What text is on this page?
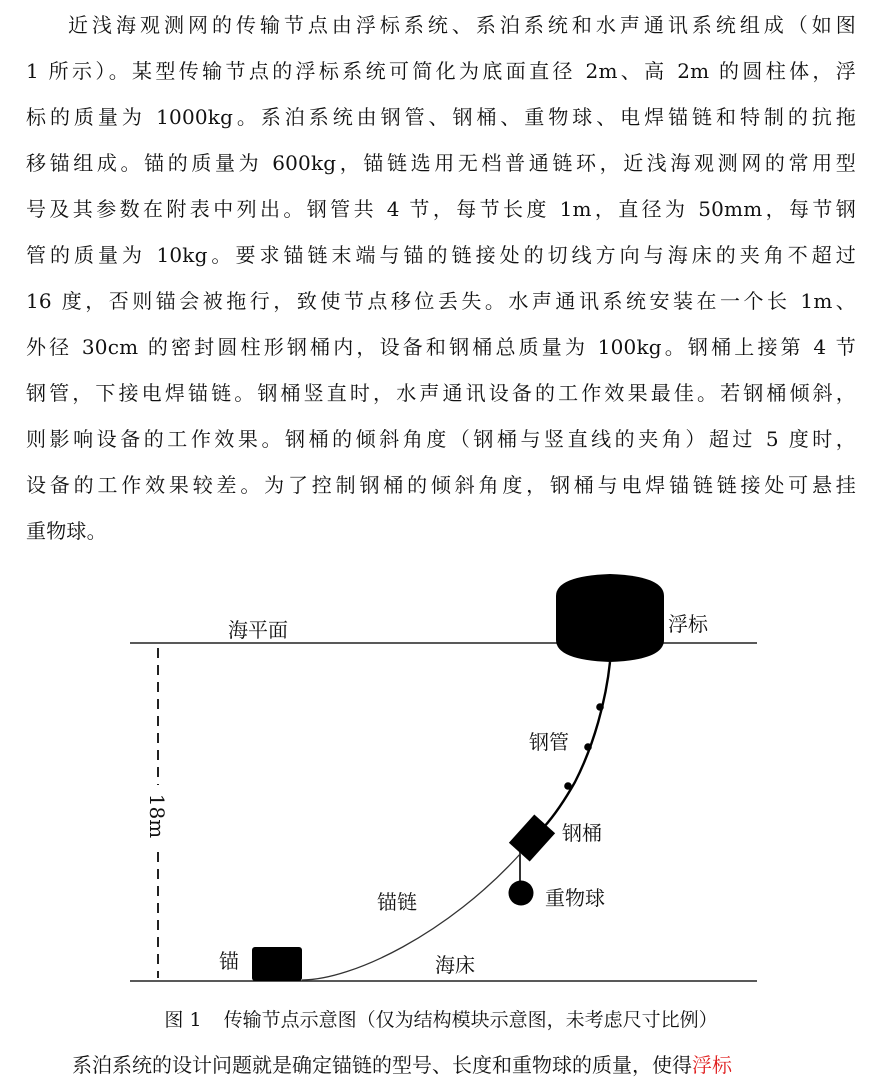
近浅海观测网的传输节点由浮标系统、系泊系统和水声通讯系统组成（如图
1 所示）。某型传输节点的浮标系统可简化为底面直径 2m、高 2m 的圆柱体，浮
标的质量为 1000kg。系泊系统由钢管、钢桶、重物球、电焊锚链和特制的抗拖
移锚组成。锚的质量为 600kg，锚链选用无档普通链环，近浅海观测网的常用型
号及其参数在附表中列出。钢管共 4 节，每节长度 1m，直径为 50mm，每节钢
管的质量为 10kg。要求锚链末端与锚的链接处的切线方向与海床的夹角不超过
16 度，否则锚会被拖行，致使节点移位丢失。水声通讯系统安装在一个长 1m、
外径 30cm 的密封圆柱形钢桶内，设备和钢桶总质量为 100kg。钢桶上接第 4 节
钢管，下接电焊锚链。钢桶竖直时，水声通讯设备的工作效果最佳。若钢桶倾斜，
则影响设备的工作效果。钢桶的倾斜角度（钢桶与竖直线的夹角）超过 5 度时，
设备的工作效果较差。为了控制钢桶的倾斜角度，钢桶与电焊锚链链接处可悬挂
重物球。
18m
海平面	浮标
钢管
钢桶
重物球
锚链
锚	海床
图 1 传输节点示意图（仅为结构模块示意图，未考虑尺寸比例）
系泊系统的设计问题就是确定锚链的型号、长度和重物球的质量，使得浮标
